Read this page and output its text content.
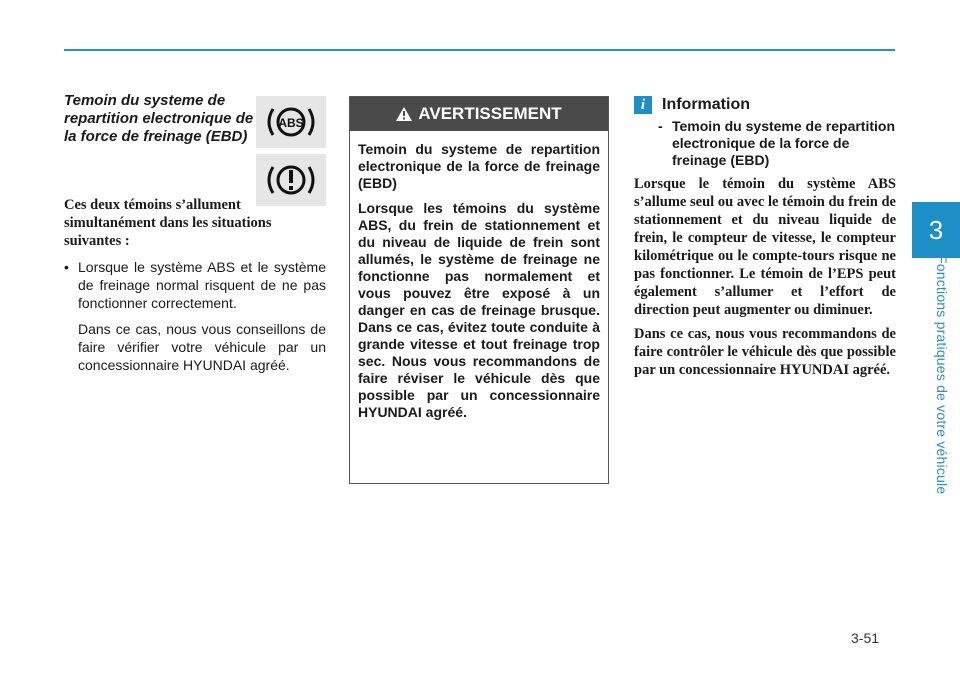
3
Fonctions pratiques de votre véhicule

Temoin du systeme de repartition electronique de la force de freinage (EBD)

Ces deux témoins s’allument simultanément dans les situations suivantes :

• Lorsque le système ABS et le système de freinage normal risquent de ne pas fonctionner correctement.

Dans ce cas, nous vous conseillons de faire vérifier votre véhicule par un concessionnaire HYUNDAI agréé.

ABS	AVERTISSEMENT

Temoin du systeme de repartition electronique de la force de freinage (EBD)

Lorsque les témoins du système ABS, du frein de stationnement et du niveau de liquide de frein sont allumés, le système de freinage ne fonctionne pas normalement et vous pouvez être exposé à un danger en cas de freinage brusque. Dans ce cas, évitez toute conduite à grande vitesse et tout freinage trop sec. Nous vous recommandons de faire réviser le véhicule dès que possible par un concessionnaire HYUNDAI agréé.

i	Information
- Temoin du systeme de repartition electronique de la force de freinage (EBD)

Lorsque le témoin du système ABS s’allume seul ou avec le témoin du frein de stationnement et du niveau liquide de frein, le compteur de vitesse, le compteur kilométrique ou le compte-tours risque ne pas fonctionner. Le témoin de l’EPS peut également s’allumer et l’effort de direction peut augmenter ou diminuer.

Dans ce cas, nous vous recommandons de faire contrôler le véhicule dès que possible par un concessionnaire HYUNDAI agréé.

3-51
